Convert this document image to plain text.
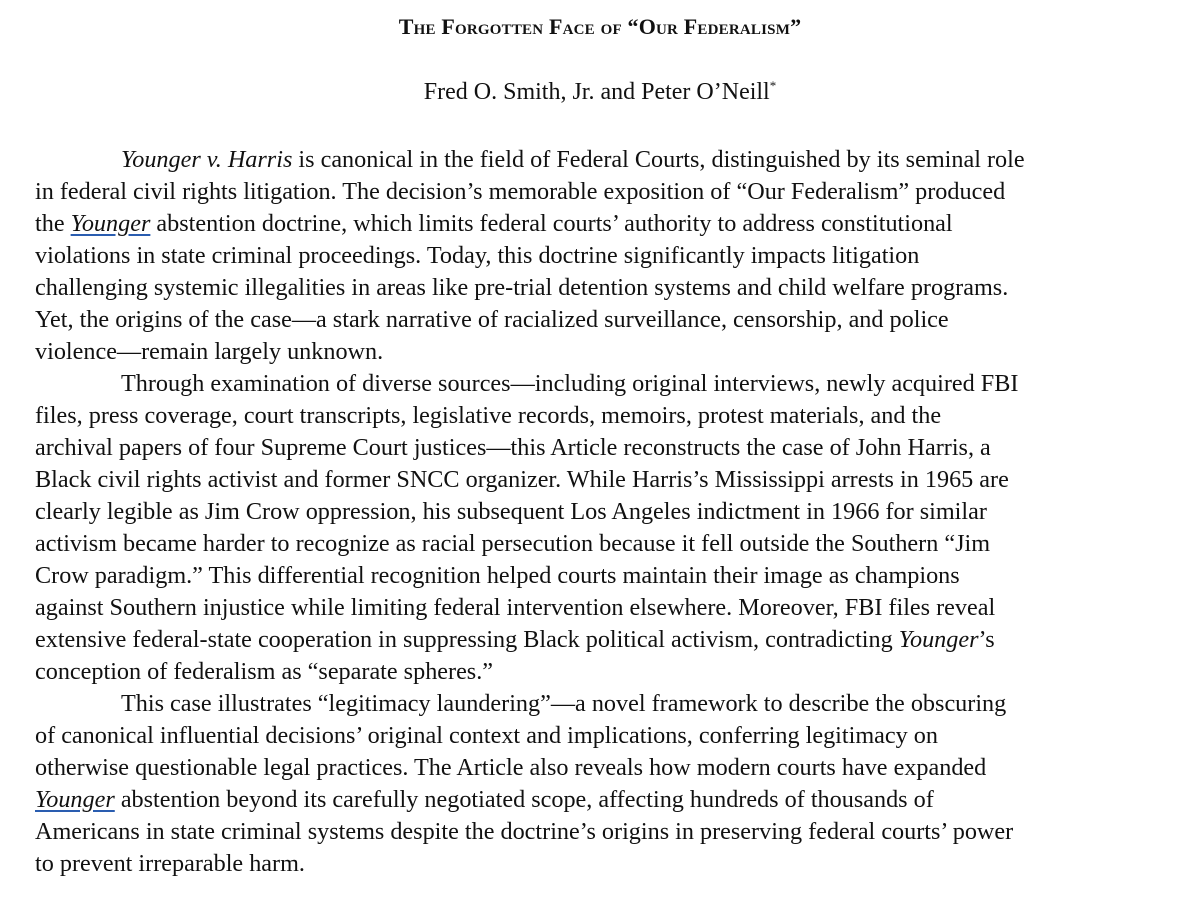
The Forgotten Face of “Our Federalism”
Fred O. Smith, Jr. and Peter O’Neill*
Younger v. Harris is canonical in the field of Federal Courts, distinguished by its seminal role
in federal civil rights litigation. The decision’s memorable exposition of “Our Federalism” produced
the Younger abstention doctrine, which limits federal courts’ authority to address constitutional
violations in state criminal proceedings. Today, this doctrine significantly impacts litigation
challenging systemic illegalities in areas like pre-trial detention systems and child welfare programs.
Yet, the origins of the case—a stark narrative of racialized surveillance, censorship, and police
violence—remain largely unknown.
Through examination of diverse sources—including original interviews, newly acquired FBI
files, press coverage, court transcripts, legislative records, memoirs, protest materials, and the
archival papers of four Supreme Court justices—this Article reconstructs the case of John Harris, a
Black civil rights activist and former SNCC organizer. While Harris’s Mississippi arrests in 1965 are
clearly legible as Jim Crow oppression, his subsequent Los Angeles indictment in 1966 for similar
activism became harder to recognize as racial persecution because it fell outside the Southern “Jim
Crow paradigm.” This differential recognition helped courts maintain their image as champions
against Southern injustice while limiting federal intervention elsewhere. Moreover, FBI files reveal
extensive federal-state cooperation in suppressing Black political activism, contradicting Younger’s
conception of federalism as “separate spheres.”
This case illustrates “legitimacy laundering”—a novel framework to describe the obscuring
of canonical influential decisions’ original context and implications, conferring legitimacy on
otherwise questionable legal practices. The Article also reveals how modern courts have expanded
Younger abstention beyond its carefully negotiated scope, affecting hundreds of thousands of
Americans in state criminal systems despite the doctrine’s origins in preserving federal courts’ power
to prevent irreparable harm.
